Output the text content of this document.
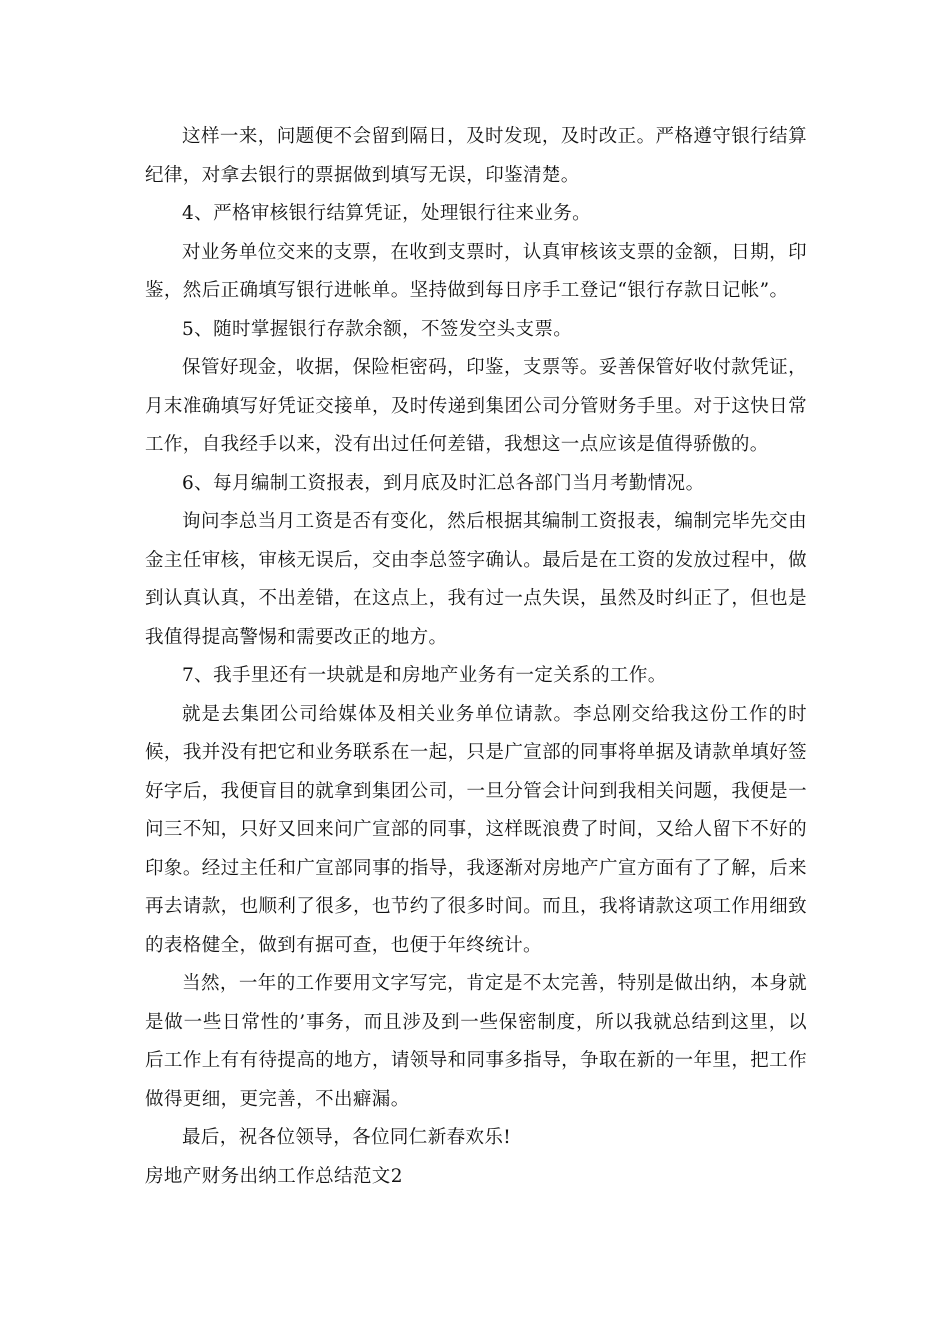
这样一来，问题便不会留到隔日，及时发现，及时改正。严格遵守银行结算纪律，对拿去银行的票据做到填写无误，印鉴清楚。

4、严格审核银行结算凭证，处理银行往来业务。

对业务单位交来的支票，在收到支票时，认真审核该支票的金额，日期，印鉴，然后正确填写银行进帐单。坚持做到每日序手工登记“银行存款日记帐”。

5、随时掌握银行存款余额，不签发空头支票。

保管好现金，收据，保险柜密码，印鉴，支票等。妥善保管好收付款凭证，月末准确填写好凭证交接单，及时传递到集团公司分管财务手里。对于这快日常工作，自我经手以来，没有出过任何差错，我想这一点应该是值得骄傲的。

6、每月编制工资报表，到月底及时汇总各部门当月考勤情况。

询问李总当月工资是否有变化，然后根据其编制工资报表，编制完毕先交由金主任审核，审核无误后，交由李总签字确认。最后是在工资的发放过程中，做到认真认真，不出差错，在这点上，我有过一点失误，虽然及时纠正了，但也是我值得提高警惕和需要改正的地方。

7、我手里还有一块就是和房地产业务有一定关系的工作。

就是去集团公司给媒体及相关业务单位请款。李总刚交给我这份工作的时候，我并没有把它和业务联系在一起，只是广宣部的同事将单据及请款单填好签好字后，我便盲目的就拿到集团公司，一旦分管会计问到我相关问题，我便是一问三不知，只好又回来问广宣部的同事，这样既浪费了时间，又给人留下不好的印象。经过主任和广宣部同事的指导，我逐渐对房地产广宣方面有了了解，后来再去请款，也顺利了很多，也节约了很多时间。而且，我将请款这项工作用细致的表格健全，做到有据可查，也便于年终统计。

当然，一年的工作要用文字写完，肯定是不太完善，特别是做出纳，本身就是做一些日常性的’事务，而且涉及到一些保密制度，所以我就总结到这里，以后工作上有有待提高的地方，请领导和同事多指导，争取在新的一年里，把工作做得更细，更完善，不出癖漏。

最后，祝各位领导，各位同仁新春欢乐!

房地产财务出纳工作总结范文2
